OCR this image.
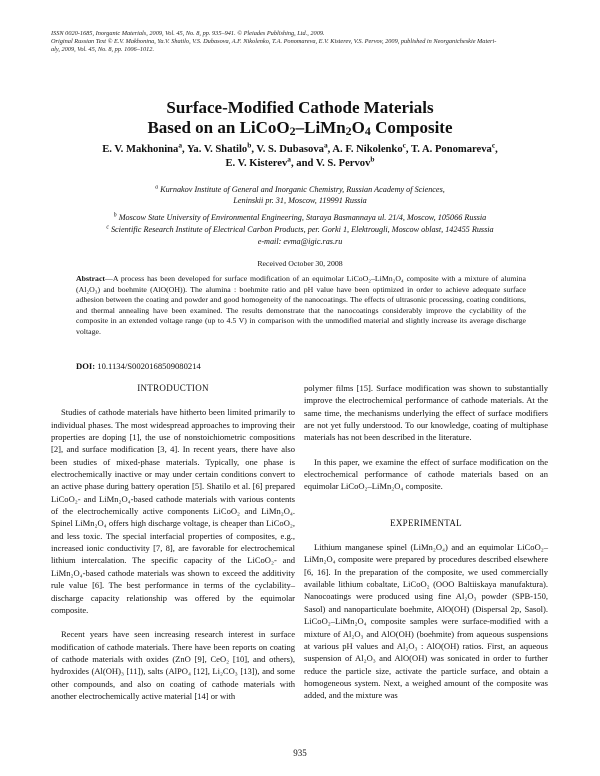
ISSN 0020-1685, Inorganic Materials, 2009, Vol. 45, No. 8, pp. 935–941. © Pleiades Publishing, Ltd., 2009.
Original Russian Text © E.V. Makhonina, Ya.V. Shatilo, V.S. Dubasova, A.F. Nikolenko, T.A. Ponomareva, E.V. Kisterev, V.S. Pervov, 2009, published in Neorganicheskie Materi-
aly, 2009, Vol. 45, No. 8, pp. 1006–1012.
Surface-Modified Cathode Materials
Based on an $LiCoO_2-LiMn_2O_4$ Composite
E. V. Makhonina$^a$, Ya. V. Shatilo$^b$, V. S. Dubasova$^a$, A. F. Nikolenko$^c$, T. A. Ponomareva$^c$,
E. V. Kisterev$^a$, and V. S. Pervov$^b$
$^a$ Kurnakov Institute of General and Inorganic Chemistry, Russian Academy of Sciences,
Leninskii pr. 31, Moscow, 119991 Russia
$^b$ Moscow State University of Environmental Engineering, Staraya Basmannaya ul. 21/4, Moscow, 105066 Russia
$^c$ Scientific Research Institute of Electrical Carbon Products, per. Gorki 1, Elektrougli, Moscow oblast, 142455 Russia
e-mail: evma@igic.ras.ru
Received October 30, 2008
Abstract—A process has been developed for surface modification of an equimolar LiCoO₂–LiMn₂O₄ composite with a mixture of alumina (Al₂O₃) and boehmite (AlO(OH)). The alumina : boehmite ratio and pH value have been optimized in order to achieve adequate surface adhesion between the coating and powder and good homogeneity of the nanocoatings. The effects of ultrasonic processing, coating conditions, and thermal annealing have been examined. The results demonstrate that the nanocoatings considerably improve the cyclability of the composite in an extended voltage range (up to 4.5 V) in comparison with the unmodified material and slightly increase its average discharge voltage.
DOI: 10.1134/S0020168509080214

INTRODUCTION

Studies of cathode materials have hitherto been limited primarily to individual phases. The most widespread approaches to improving their properties are doping [1], the use of nonstoichiometric compositions [2], and surface modification [3, 4]. In recent years, there have also been studies of mixed-phase materials. Typically, one phase is electrochemically inactive or may under certain conditions convert to an active phase during battery operation [5]. Shatilo et al. [6] prepared LiCoO₂- and LiMn₂O₄-based cathode materials with various contents of the electrochemically active components LiCoO₂ and LiMn₂O₄. Spinel LiMn₂O₄ offers high discharge voltage, is cheaper than LiCoO₂, and less toxic. The special interfacial properties of composites, e.g., increased ionic conductivity [7, 8], are favorable for electrochemical lithium intercalation. The specific capacity of the LiCoO₂- and LiMn₂O₄-based cathode materials was shown to exceed the additivity rule value [6]. The best performance in terms of the cyclability–discharge capacity relationship was offered by the equimolar composite.

Recent years have seen increasing research interest in surface modification of cathode materials. There have been reports on coating of cathode materials with oxides (ZnO [9], CeO₂ [10], and others), hydroxides (Al(OH)₃ [11]), salts (AlPO₄ [12], Li₂CO₃ [13]), and some other compounds, and also on coating of cathode materials with another electrochemically active material [14] or with

polymer films [15]. Surface modification was shown to substantially improve the electrochemical performance of cathode materials. At the same time, the mechanisms underlying the effect of surface modifiers are not yet fully understood. To our knowledge, coating of multiphase materials has not been described in the literature.

In this paper, we examine the effect of surface modification on the electrochemical performance of cathode materials based on an equimolar LiCoO₂–LiMn₂O₄ composite.

EXPERIMENTAL

Lithium manganese spinel (LiMn₂O₄) and an equimolar LiCoO₂–LiMn₂O₄ composite were prepared by procedures described elsewhere [6, 16]. In the preparation of the composite, we used commercially available lithium cobaltate, LiCoO₂ (OOO Baltiiskaya manufaktura). Nanocoatings were produced using fine Al₂O₃ powder (SPB-150, Sasol) and nanoparticulate boehmite, AlO(OH) (Dispersal 2p, Sasol). LiCoO₂–LiMn₂O₄ composite samples were surface-modified with a mixture of Al₂O₃ and AlO(OH) (boehmite) from aqueous suspensions at various pH values and Al₂O₃ : AlO(OH) ratios. First, an aqueous suspension of Al₂O₃ and AlO(OH) was sonicated in order to further reduce the particle size, activate the particle surface, and obtain a homogeneous system. Next, a weighed amount of the composite was added, and the mixture was

935
